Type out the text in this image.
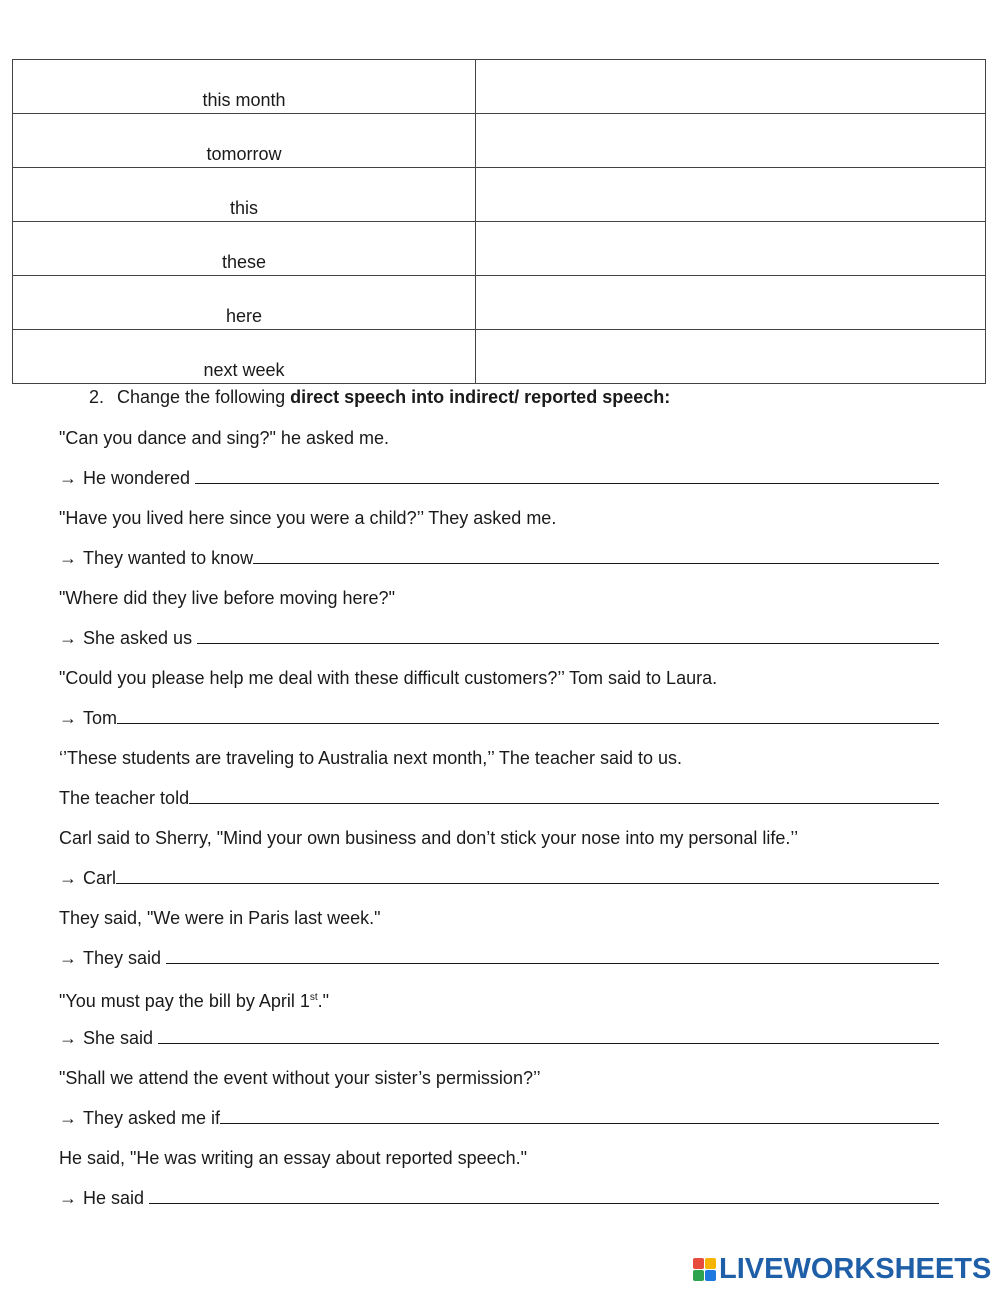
this month	
tomorrow	
this	
these	
here	
next week	
2. Change the following direct speech into indirect/ reported speech:
"Can you dance and sing?" he asked me.
→ He wondered
"Have you lived here since you were a child?’’ They asked me.
→ They wanted to know
"Where did they live before moving here?"
→ She asked us
"Could you please help me deal with these difficult customers?’’ Tom said to Laura.
→ Tom
‘’These students are traveling to Australia next month,’’ The teacher said to us.
The teacher told
Carl said to Sherry, "Mind your own business and don’t stick your nose into my personal life.’’
→ Carl
They said, "We were in Paris last week."
→ They said
"You must pay the bill by April 1st."
→ She said
"Shall we attend the event without your sister’s permission?’’
→ They asked me if
He said, "He was writing an essay about reported speech."
→ He said
LIVEWORKSHEETS
